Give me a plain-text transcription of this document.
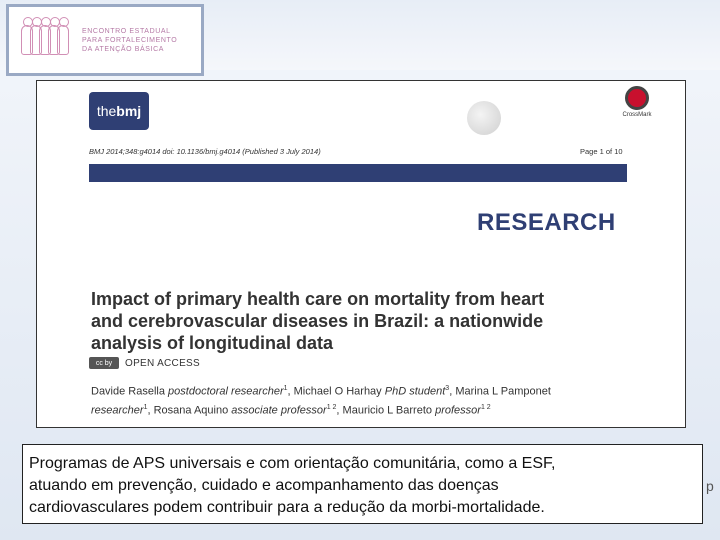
ENCONTRO ESTADUAL
PARA FORTALECIMENTO
DA ATENÇÃO BÁSICA
the bmj	CrossMark
BMJ 2014;348:g4014 doi: 10.1136/bmj.g4014 (Published 3 July 2014)	Page 1 of 10
RESEARCH
Impact of primary health care on mortality from heart
and cerebrovascular diseases in Brazil: a nationwide
analysis of longitudinal data
cc by	OPEN ACCESS
Davide Rasella postdoctoral researcher$^1$, Michael O Harhay PhD student$^3$, Marina L Pamponet
researcher$^1$, Rosana Aquino associate professor$^{1 2}$, Mauricio L Barreto professor$^{1 2}$
Programas de APS universais e com orientação comunitária, como a ESF,
atuando em prevenção, cuidado e acompanhamento das doenças
cardiovasculares podem contribuir para a redução da morbi-mortalidade.
p
